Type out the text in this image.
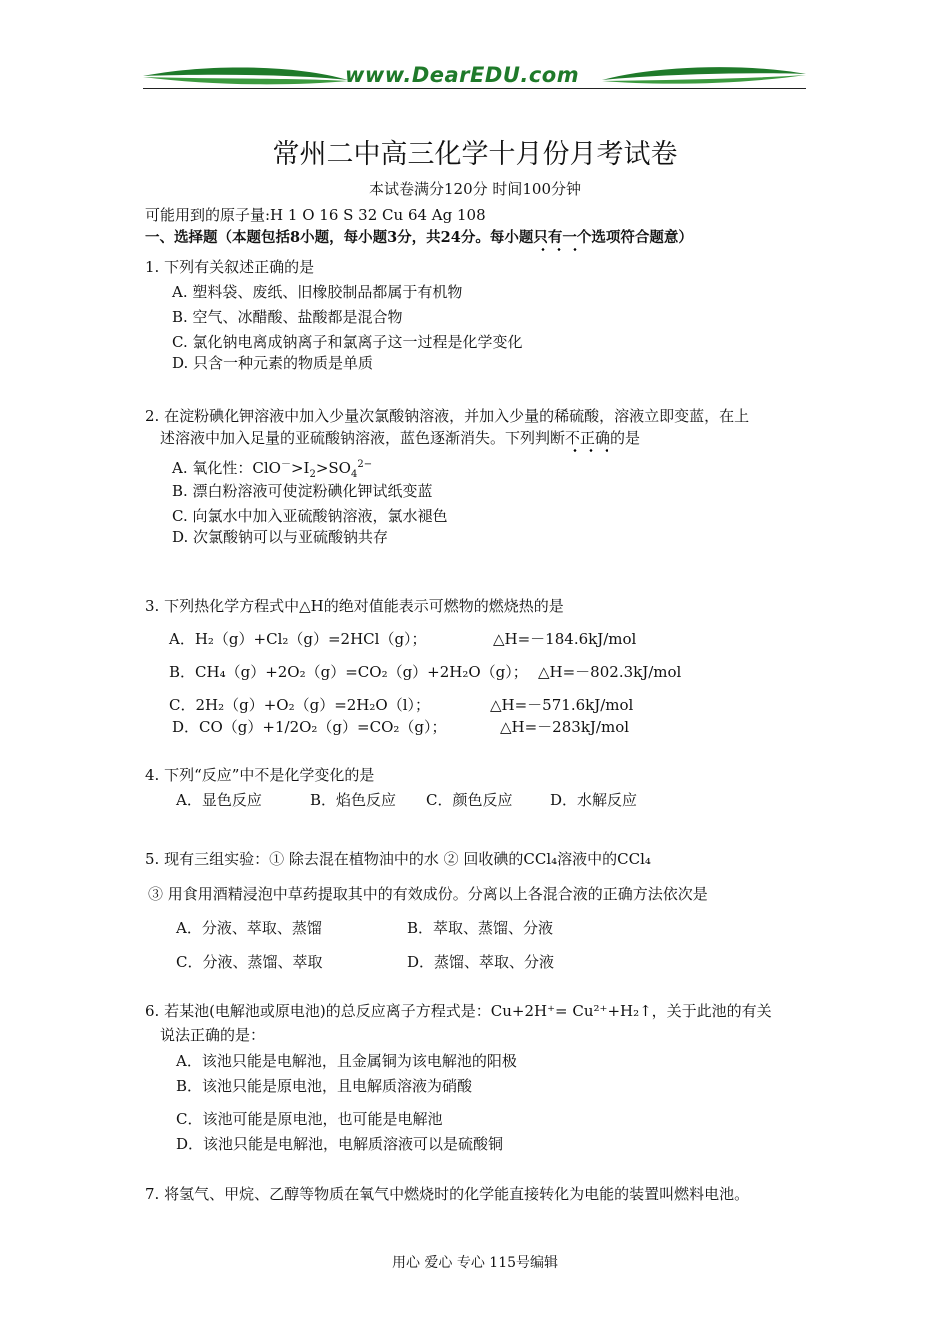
www.DearEDU.com
常州二中高三化学十月份月考试卷
本试卷满分120分 时间100分钟
可能用到的原子量:H 1 O 16 S 32 Cu 64 Ag 108
一、选择题（本题包括8小题，每小题3分，共24分。每小题只有一个选项符合题意）
1. 下列有关叙述正确的是
A. 塑料袋、废纸、旧橡胶制品都属于有机物
B. 空气、冰醋酸、盐酸都是混合物
C. 氯化钠电离成钠离子和氯离子这一过程是化学变化
D. 只含一种元素的物质是单质
2. 在淀粉碘化钾溶液中加入少量次氯酸钠溶液，并加入少量的稀硫酸，溶液立即变蓝，在上
述溶液中加入足量的亚硫酸钠溶液，蓝色逐渐消失。下列判断不正确的是
A. 氧化性：$ClO^->I_2>SO_4^{2-}$
B. 漂白粉溶液可使淀粉碘化钾试纸变蓝
C. 向氯水中加入亚硫酸钠溶液，氯水褪色
D. 次氯酸钠可以与亚硫酸钠共存
3. 下列热化学方程式中△H的绝对值能表示可燃物的燃烧热的是
A．H₂（g）+Cl₂（g）=2HCl（g）；	△H=－184.6kJ/mol
B．CH₄（g）+2O₂（g）=CO₂（g）+2H₂O（g）； △H=－802.3kJ/mol
C．2H₂（g）+O₂（g）=2H₂O（l）；	△H=－571.6kJ/mol
D．CO（g）+1/2O₂（g）=CO₂（g）；	△H=－283kJ/mol
4. 下列“反应”中不是化学变化的是
A．显色反应	B．焰色反应 C．颜色反应	D．水解反应
5. 现有三组实验：① 除去混在植物油中的水 ② 回收碘的CCl₄溶液中的CCl₄
③ 用食用酒精浸泡中草药提取其中的有效成份。分离以上各混合液的正确方法依次是
A．分液、萃取、蒸馏	B．萃取、蒸馏、分液
C．分液、蒸馏、萃取	D．蒸馏、萃取、分液
6. 若某池(电解池或原电池)的总反应离子方程式是：Cu+2H⁺= Cu²⁺+H₂↑，关于此池的有关
说法正确的是：
A．该池只能是电解池，且金属铜为该电解池的阳极
B．该池只能是原电池，且电解质溶液为硝酸
C．该池可能是原电池，也可能是电解池
D．该池只能是电解池，电解质溶液可以是硫酸铜
7. 将氢气、甲烷、乙醇等物质在氧气中燃烧时的化学能直接转化为电能的装置叫燃料电池。
用心 爱心 专心 115号编辑
